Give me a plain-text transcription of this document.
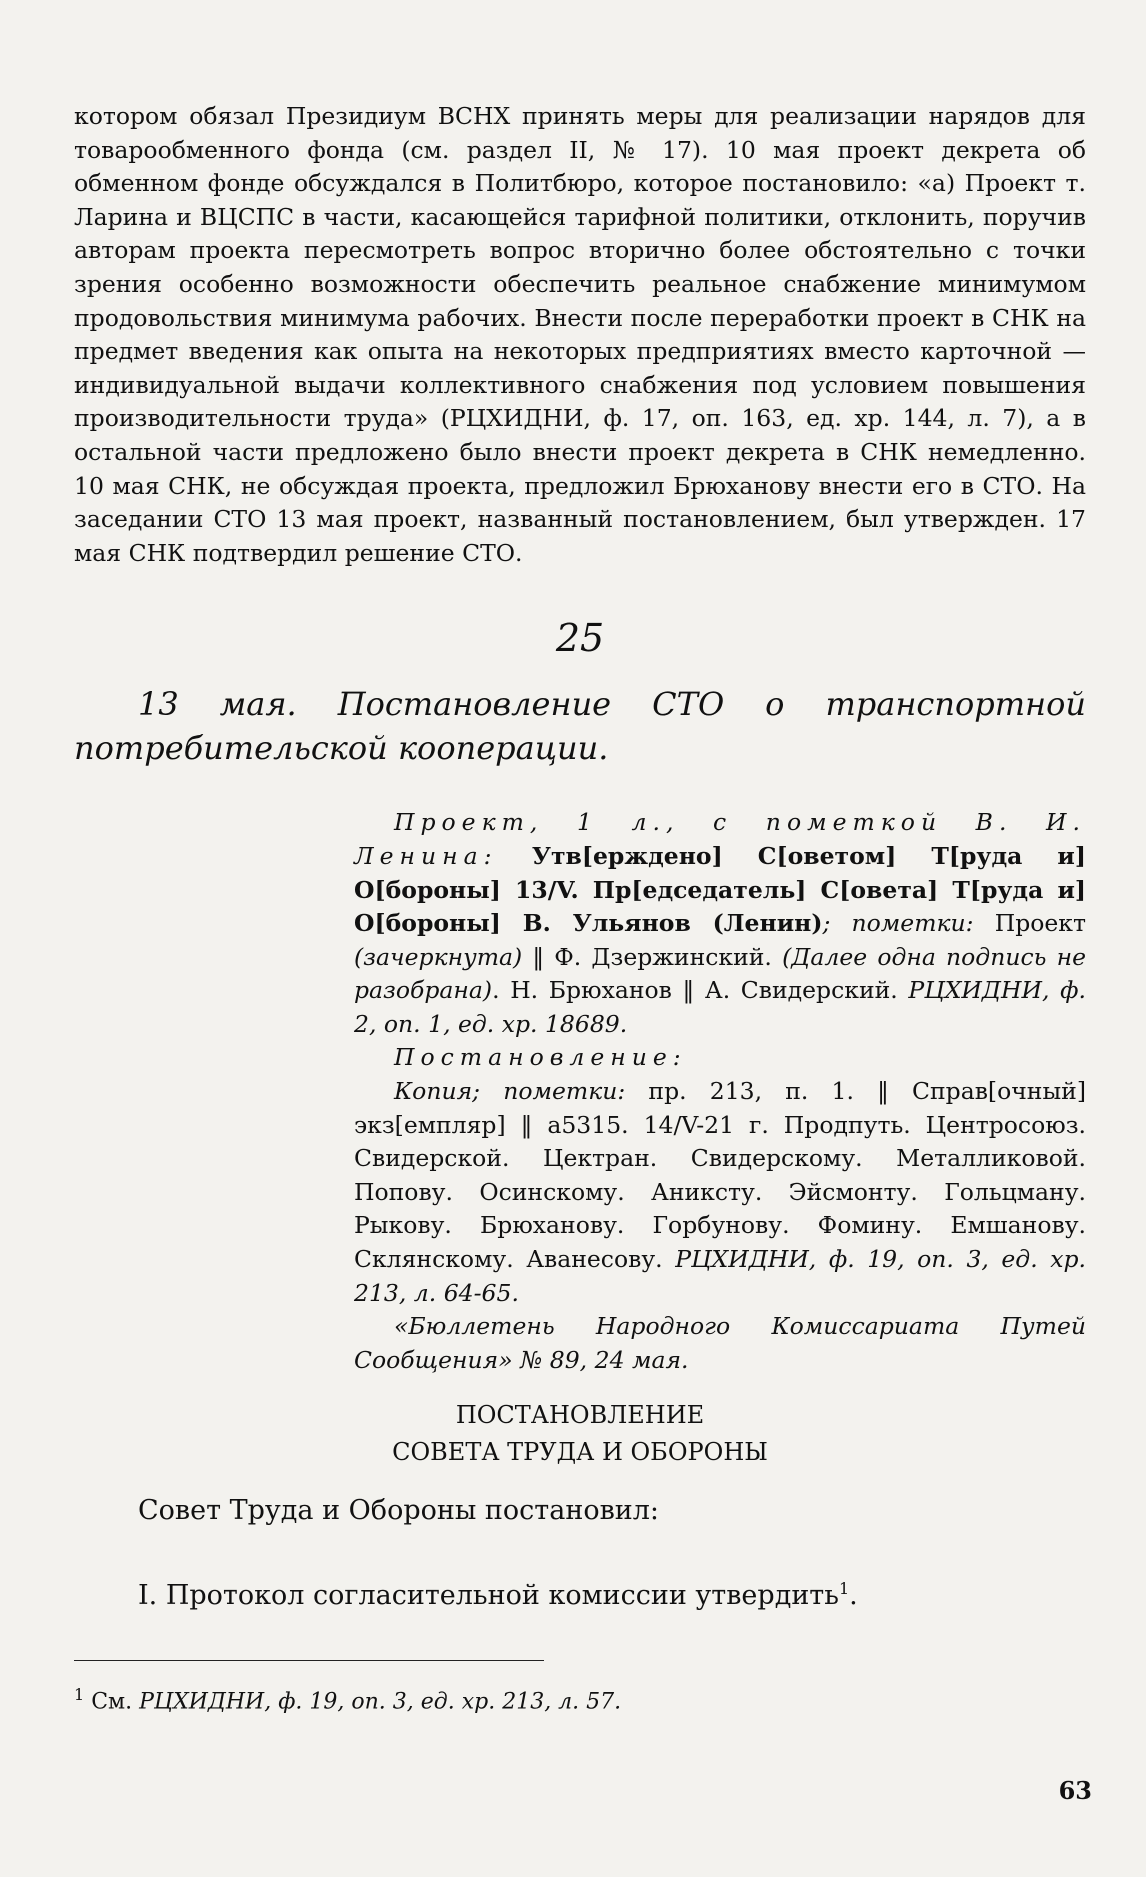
котором обязал Президиум ВСНХ принять меры для реализации нарядов для товарообменного фонда (см. раздел II, № 17). 10 мая проект декрета об обменном фонде обсуждался в Политбюро, которое постановило: «а) Проект т. Ларина и ВЦСПС в части, касающейся тарифной политики, отклонить, поручив авторам проекта пересмотреть вопрос вторично более обстоятельно с точки зрения особенно возможности обеспечить реальное снабжение минимумом продовольствия минимума рабочих. Внести после переработки проект в СНК на предмет введения как опыта на некоторых предприятиях вместо карточной — индивидуальной выдачи коллективного снабжения под условием повышения производительности труда» (РЦХИДНИ, ф. 17, оп. 163, ед. хр. 144, л. 7), а в остальной части предложено было внести проект декрета в СНК немедленно. 10 мая СНК, не обсуждая проекта, предложил Брюханову внести его в СТО. На заседании СТО 13 мая проект, названный постановлением, был утвержден. 17 мая СНК подтвердил решение СТО.

25

13 мая. Постановление СТО о транспортной потребительской кооперации.

Проект, 1 л., с пометкой В. И. Ленина: Утв[ерждено] С[оветом] Т[руда и] О[бороны] 13/V. Пр[едседатель] С[овета] Т[руда и] О[бороны] В. Ульянов (Ленин); пометки: Проект (зачеркнута) ‖ Ф. Дзержинский. (Далее одна подпись не разобрана). Н. Брюханов ‖ А. Свидерский. РЦХИДНИ, ф. 2, оп. 1, ед. хр. 18689.

Постановление:

Копия; пометки: пр. 213, п. 1. ‖ Справ[очный] экз[емпляр] ‖ а5315. 14/V-21 г. Продпуть. Центросоюз. Свидерской. Цектран. Свидерскому. Металликовой. Попову. Осинскому. Аниксту. Эйсмонту. Гольцману. Рыкову. Брюханову. Горбунову. Фомину. Емшанову. Склянскому. Аванесову. РЦХИДНИ, ф. 19, оп. 3, ед. хр. 213, л. 64-65.

«Бюллетень Народного Комиссариата Путей Сообщения» № 89, 24 мая.

ПОСТАНОВЛЕНИЕ
СОВЕТА ТРУДА И ОБОРОНЫ

Совет Труда и Обороны постановил:

I. Протокол согласительной комиссии утвердить$^1$.

$^1$ См. РЦХИДНИ, ф. 19, оп. 3, ед. хр. 213, л. 57.
63
